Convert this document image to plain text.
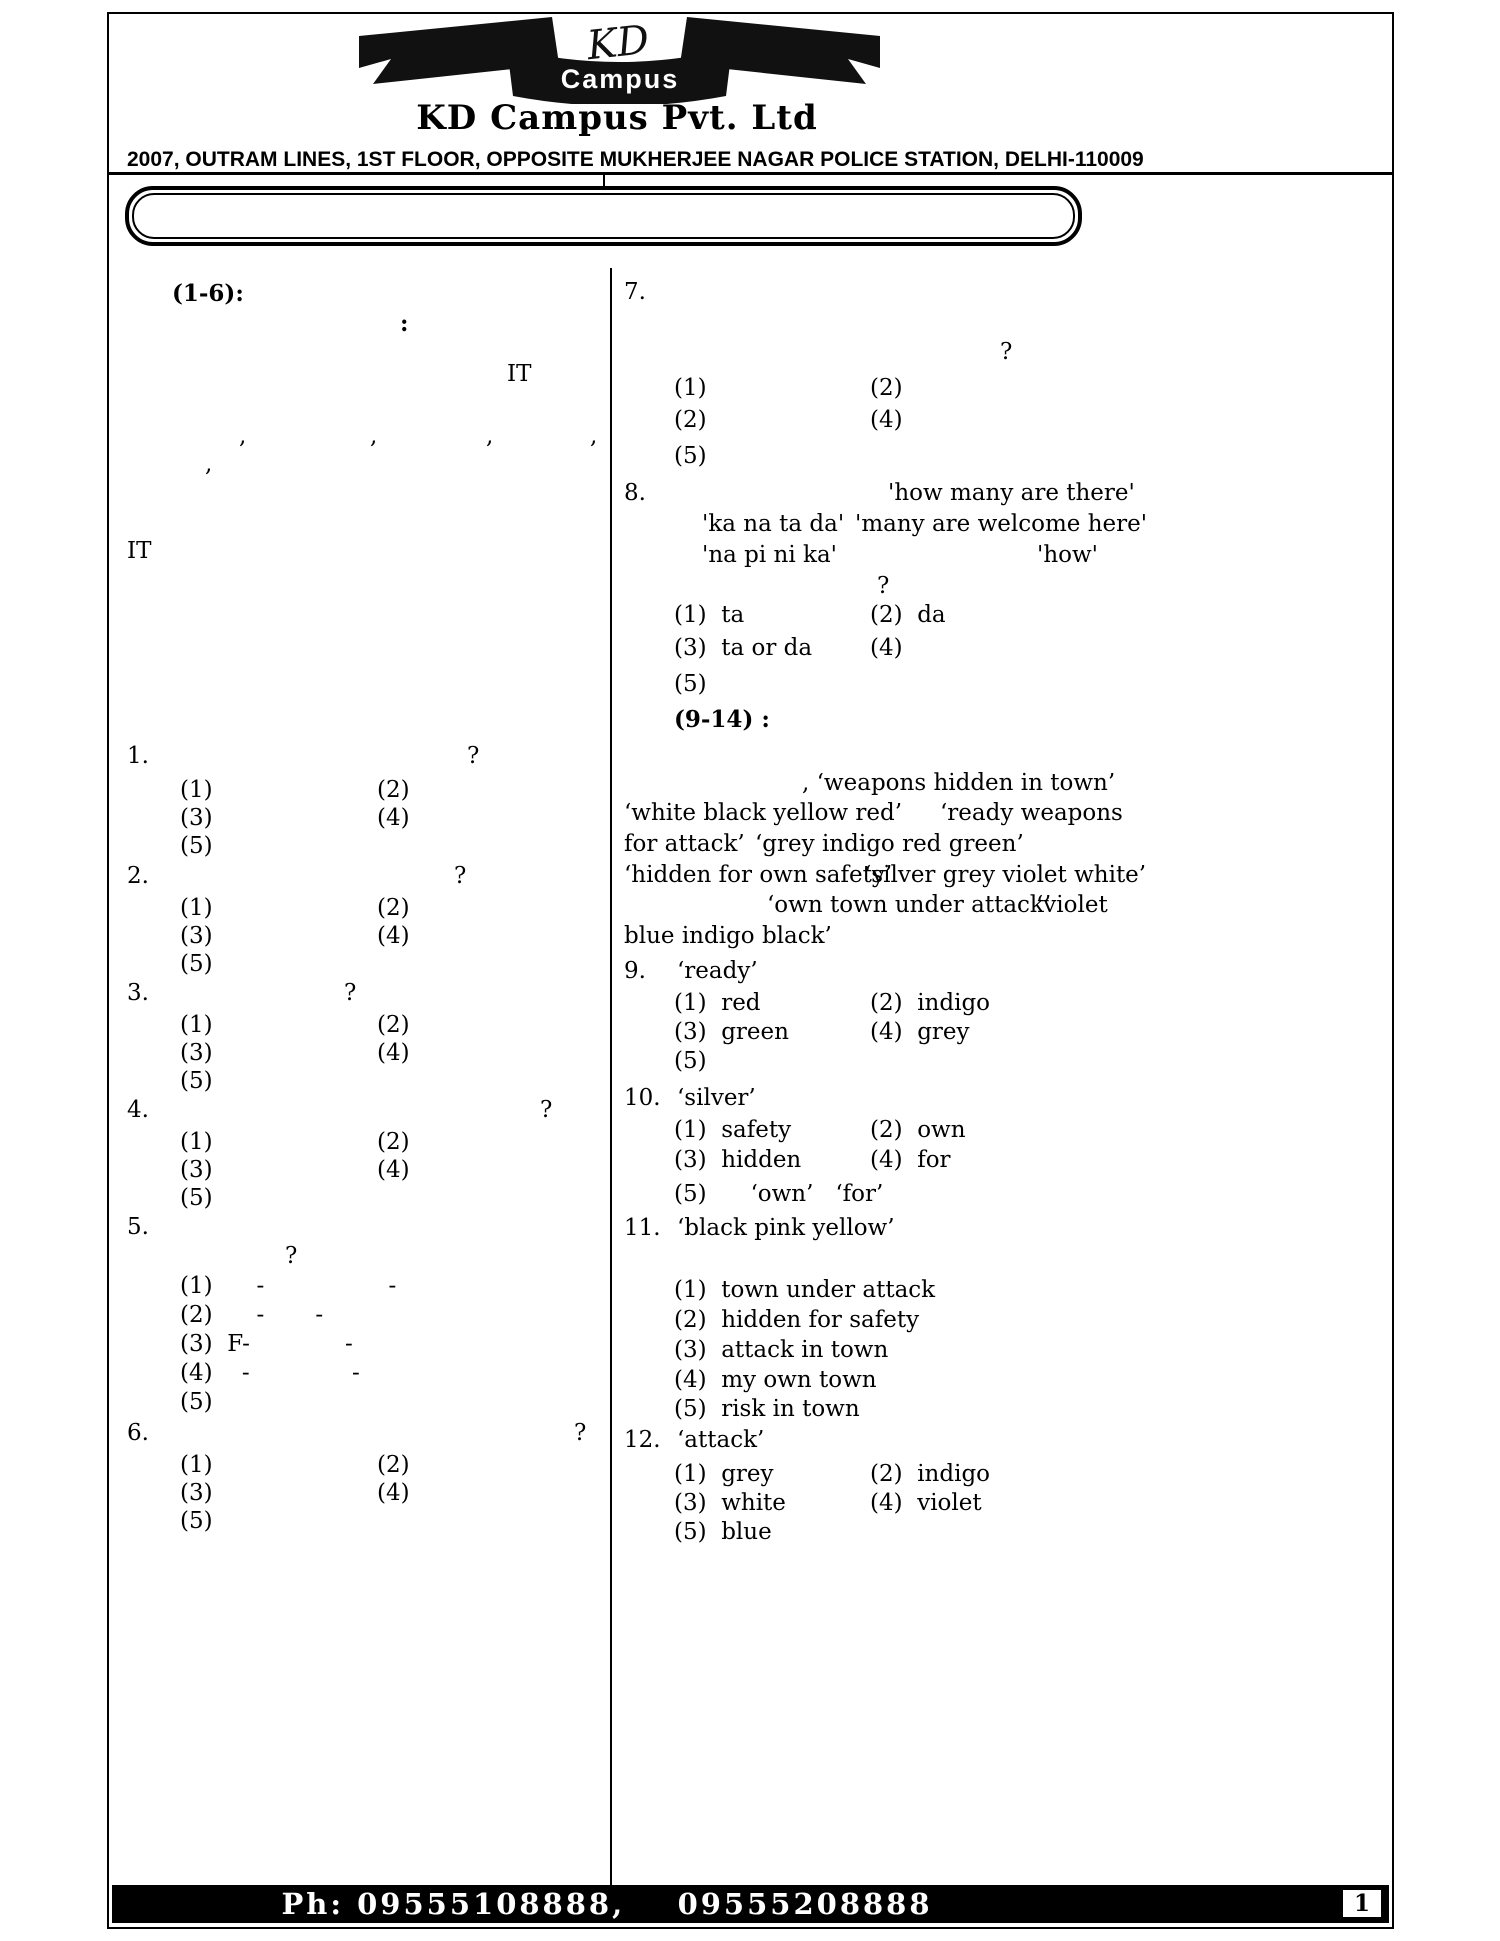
KD
Campus
KD Campus Pvt. Ltd
2007, OUTRAM LINES, 1ST FLOOR, OPPOSITE MUKHERJEE NAGAR POLICE STATION, DELHI-110009
(1-6):
:
IT
,	,	,	,
,
IT
1.	?
(1)	(2)
(3)	(4)
(5)
2.	?
(1)	(2)
(3)	(4)
(5)
3.	?
(1)	(2)
(3)	(4)
(5)
4.	?
(1)	(2)
(3)	(4)
(5)
5.
?
(1)      -                 -
(2)      -       -
(3)  F-             -
(4)    -              -
(5)
6.	?
(1)	(2)
(3)	(4)
(5)
7.
?
(1)	(2)
(2)	(4)
(5)
8.	'how many are there'
'ka na ta da' 'many are welcome here'
'na pi ni ka'	'how'
?
(1)  ta	(2)  da
(3)  ta or da	(4)
(5)
(9-14) :
, ‘weapons hidden in town’
‘white black yellow red’ ‘ready weapons
for attack’ ‘grey indigo red green’
‘hidden for own safety’
‘silver grey violet white’
‘own town under attack’
‘violet
blue indigo black’
9. ‘ready’
(1)  red	(2)  indigo
(3)  green	(4)  grey
(5)
10. ‘silver’
(1)  safety	(2)  own
(3)  hidden	(4)  for
(5)      ‘own’   ‘for’
11. ‘black pink yellow’
(1)  town under attack
(2)  hidden for safety
(3)  attack in town
(4)  my own town
(5)  risk in town
12. ‘attack’
(1)  grey	(2)  indigo
(3)  white	(4)  violet
(5)  blue
Ph: 09555108888,    09555208888	1
